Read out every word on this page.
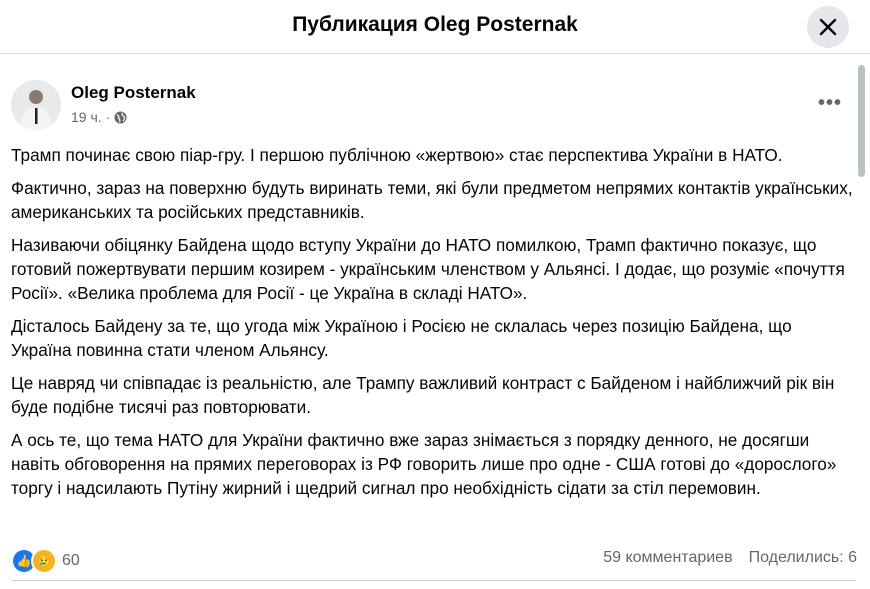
Публикация Oleg Posternak
Oleg Posternak
19 ч. ·
•••

Трамп починає свою піар-гру. І першою публічною «жертвою» стає перспектива України в НАТО.

Фактично, зараз на поверхню будуть виринать теми, які були предметом непрямих контактів українських, американських та російських представників.

Називаючи обіцянку Байдена щодо вступу України до НАТО помилкою, Трамп фактично показує, що готовий пожертвувати першим козирем - українським членством у Альянсі. І додає, що розуміє «почуття Росії». «Велика проблема для Росії - це Україна в складі НАТО».

Дісталось Байдену за те, що угода між Україною і Росією не склалась через позицію Байдена, що Україна повинна стати членом Альянсу.

Це навряд чи співпадає із реальністю, але Трампу важливий контраст с Байденом і найближчий рік він буде подібне тисячі раз повторювати.

А ось те, що тема НАТО для України фактично вже зараз знімається з порядку денного, не досягши навіть обговорення на прямих переговорах із РФ говорить лише про одне - США готові до «дорослого» торгу і надсилають Путіну жирний і щедрий сигнал про необхідність сідати за стіл перемовин.

👍 😢 60	59 комментариев Поделились: 6
